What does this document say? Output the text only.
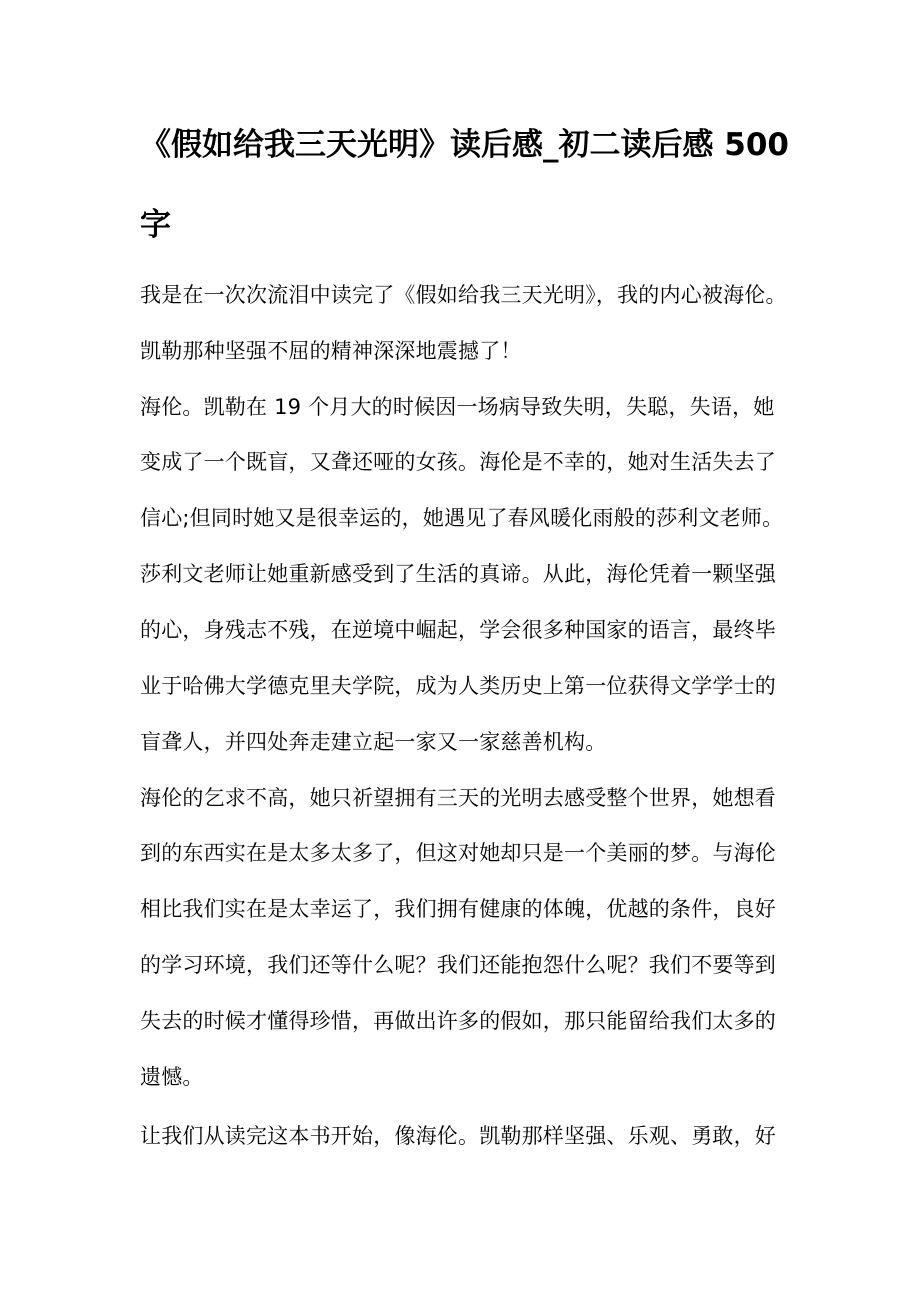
《假如给我三天光明》读后感_初二读后感 500
字
我是在一次次流泪中读完了《假如给我三天光明》，我的内心被海伦。
凯勒那种坚强不屈的精神深深地震撼了！
海伦。凯勒在 19 个月大的时候因一场病导致失明，失聪，失语，她
变成了一个既盲，又聋还哑的女孩。海伦是不幸的，她对生活失去了
信心;但同时她又是很幸运的，她遇见了春风暖化雨般的莎利文老师。
莎利文老师让她重新感受到了生活的真谛。从此，海伦凭着一颗坚强
的心，身残志不残，在逆境中崛起，学会很多种国家的语言，最终毕
业于哈佛大学德克里夫学院，成为人类历史上第一位获得文学学士的
盲聋人，并四处奔走建立起一家又一家慈善机构。
海伦的乞求不高，她只祈望拥有三天的光明去感受整个世界，她想看
到的东西实在是太多太多了，但这对她却只是一个美丽的梦。与海伦
相比我们实在是太幸运了，我们拥有健康的体魄，优越的条件，良好
的学习环境，我们还等什么呢？我们还能抱怨什么呢？我们不要等到
失去的时候才懂得珍惜，再做出许多的假如，那只能留给我们太多的
遗憾。
让我们从读完这本书开始，像海伦。凯勒那样坚强、乐观、勇敢，好
